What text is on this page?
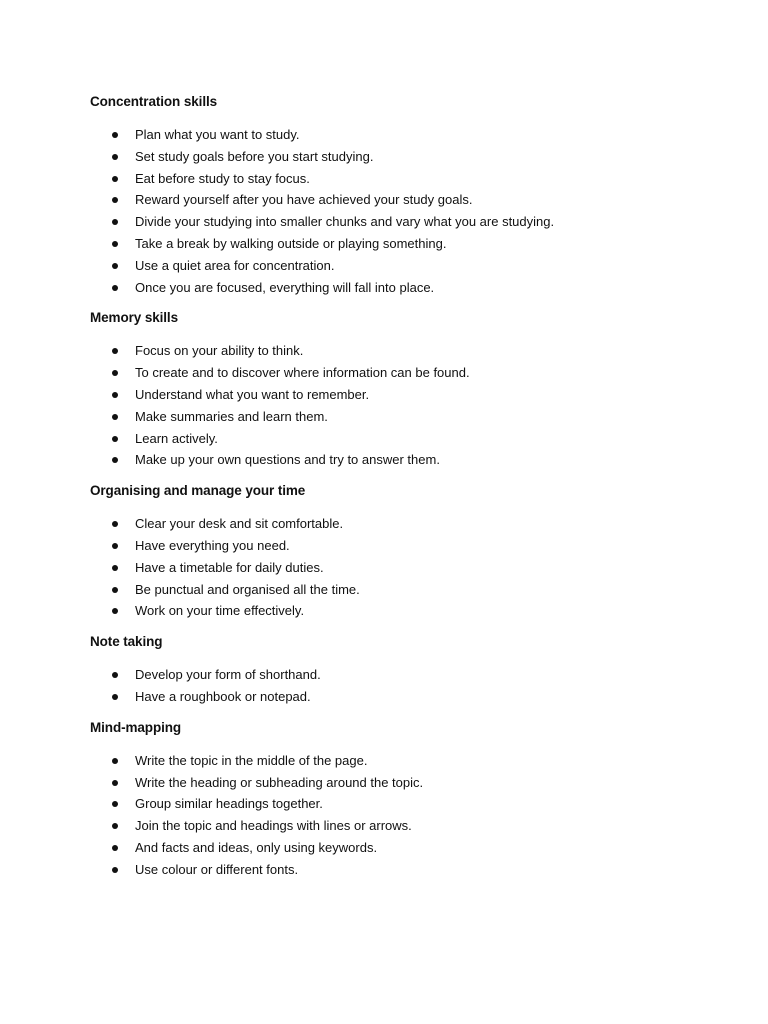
Concentration skills
Plan what you want to study.
Set study goals before you start studying.
Eat before study to stay focus.
Reward yourself after you have achieved your study goals.
Divide your studying into smaller chunks and vary what you are studying.
Take a break by walking outside or playing something.
Use a quiet area for concentration.
Once you are focused, everything will fall into place.
Memory skills
Focus on your ability to think.
To create and to discover where information can be found.
Understand what you want to remember.
Make summaries and learn them.
Learn actively.
Make up your own questions and try to answer them.
Organising and manage your time
Clear your desk and sit comfortable.
Have everything you need.
Have a timetable for daily duties.
Be punctual and organised all the time.
Work on your time effectively.
Note taking
Develop your form of shorthand.
Have a roughbook or notepad.
Mind-mapping
Write the topic in the middle of the page.
Write the heading or subheading around the topic.
Group similar headings together.
Join the topic and headings with lines or arrows.
And facts and ideas, only using keywords.
Use colour or different fonts.
